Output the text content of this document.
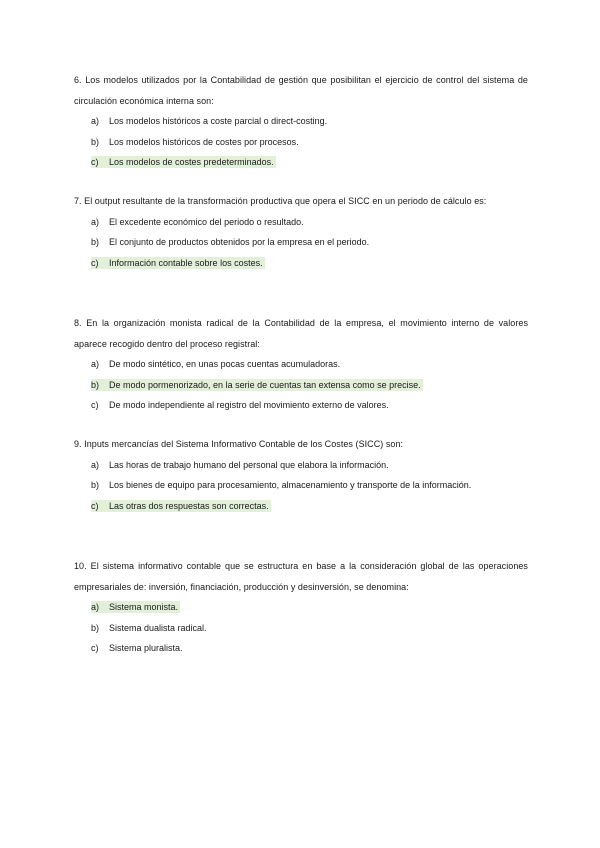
6. Los modelos utilizados por la Contabilidad de gestión que posibilitan el ejercicio de control del sistema de circulación económica interna son:

a)	Los modelos históricos a coste parcial o direct-costing.
b)	Los modelos históricos de costes por procesos.
c)	Los modelos de costes predeterminados.

7. El output resultante de la transformación productiva que opera el SICC en un periodo de cálculo es:

a)	El excedente económico del periodo o resultado.
b)	El conjunto de productos obtenidos por la empresa en el periodo.
c)	Información contable sobre los costes.

8. En la organización monista radical de la Contabilidad de la empresa, el movimiento interno de valores aparece recogido dentro del proceso registral:

a)	De modo sintético, en unas pocas cuentas acumuladoras.
b)	De modo pormenorizado, en la serie de cuentas tan extensa como se precise.
c)	De modo independiente al registro del movimiento externo de valores.

9. Inputs mercancías del Sistema Informativo Contable de los Costes (SICC) son:

a)	Las horas de trabajo humano del personal que elabora la información.
b)	Los bienes de equipo para procesamiento, almacenamiento y transporte de la información.
c)	Las otras dos respuestas son correctas.

10. El sistema informativo contable que se estructura en base a la consideración global de las operaciones empresariales de: inversión, financiación, producción y desinversión, se denomina:

a)	Sistema monista.
b)	Sistema dualista radical.
c)	Sistema pluralista.
